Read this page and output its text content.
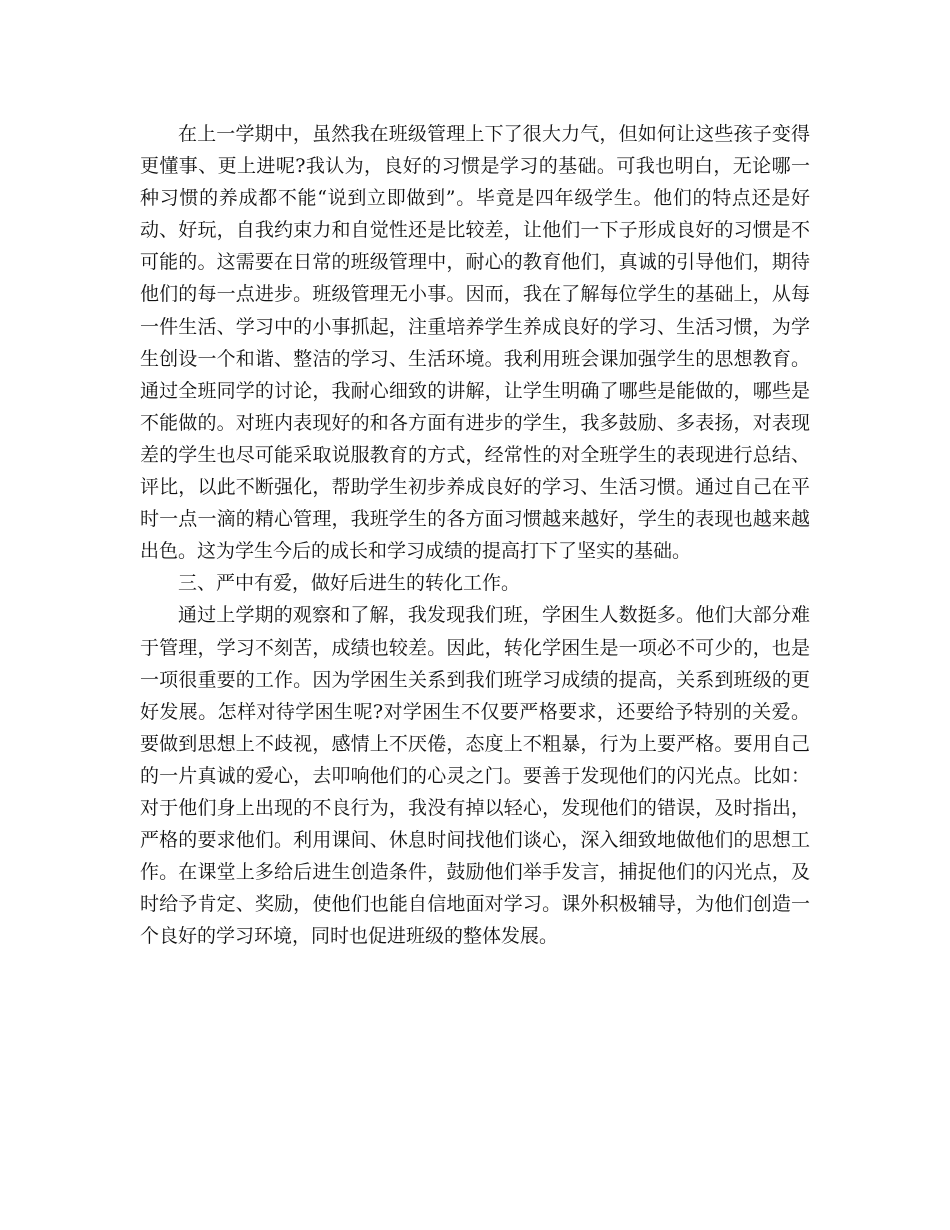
在上一学期中，虽然我在班级管理上下了很大力气，但如何让这些孩子变得更懂事、更上进呢?我认为，良好的习惯是学习的基础。可我也明白，无论哪一种习惯的养成都不能“说到立即做到”。毕竟是四年级学生。他们的特点还是好动、好玩，自我约束力和自觉性还是比较差，让他们一下子形成良好的习惯是不可能的。这需要在日常的班级管理中，耐心的教育他们，真诚的引导他们，期待他们的每一点进步。班级管理无小事。因而，我在了解每位学生的基础上，从每一件生活、学习中的小事抓起，注重培养学生养成良好的学习、生活习惯，为学生创设一个和谐、整洁的学习、生活环境。我利用班会课加强学生的思想教育。通过全班同学的讨论，我耐心细致的讲解，让学生明确了哪些是能做的，哪些是不能做的。对班内表现好的和各方面有进步的学生，我多鼓励、多表扬，对表现差的学生也尽可能采取说服教育的方式，经常性的对全班学生的表现进行总结、评比，以此不断强化，帮助学生初步养成良好的学习、生活习惯。通过自己在平时一点一滴的精心管理，我班学生的各方面习惯越来越好，学生的表现也越来越出色。这为学生今后的成长和学习成绩的提高打下了坚实的基础。

三、严中有爱，做好后进生的转化工作。

通过上学期的观察和了解，我发现我们班，学困生人数挺多。他们大部分难于管理，学习不刻苦，成绩也较差。因此，转化学困生是一项必不可少的，也是一项很重要的工作。因为学困生关系到我们班学习成绩的提高，关系到班级的更好发展。怎样对待学困生呢?对学困生不仅要严格要求，还要给予特别的关爱。要做到思想上不歧视，感情上不厌倦，态度上不粗暴，行为上要严格。要用自己的一片真诚的爱心，去叩响他们的心灵之门。要善于发现他们的闪光点。比如：对于他们身上出现的不良行为，我没有掉以轻心，发现他们的错误，及时指出，严格的要求他们。利用课间、休息时间找他们谈心，深入细致地做他们的思想工作。在课堂上多给后进生创造条件，鼓励他们举手发言，捕捉他们的闪光点，及时给予肯定、奖励，使他们也能自信地面对学习。课外积极辅导，为他们创造一个良好的学习环境，同时也促进班级的整体发展。
